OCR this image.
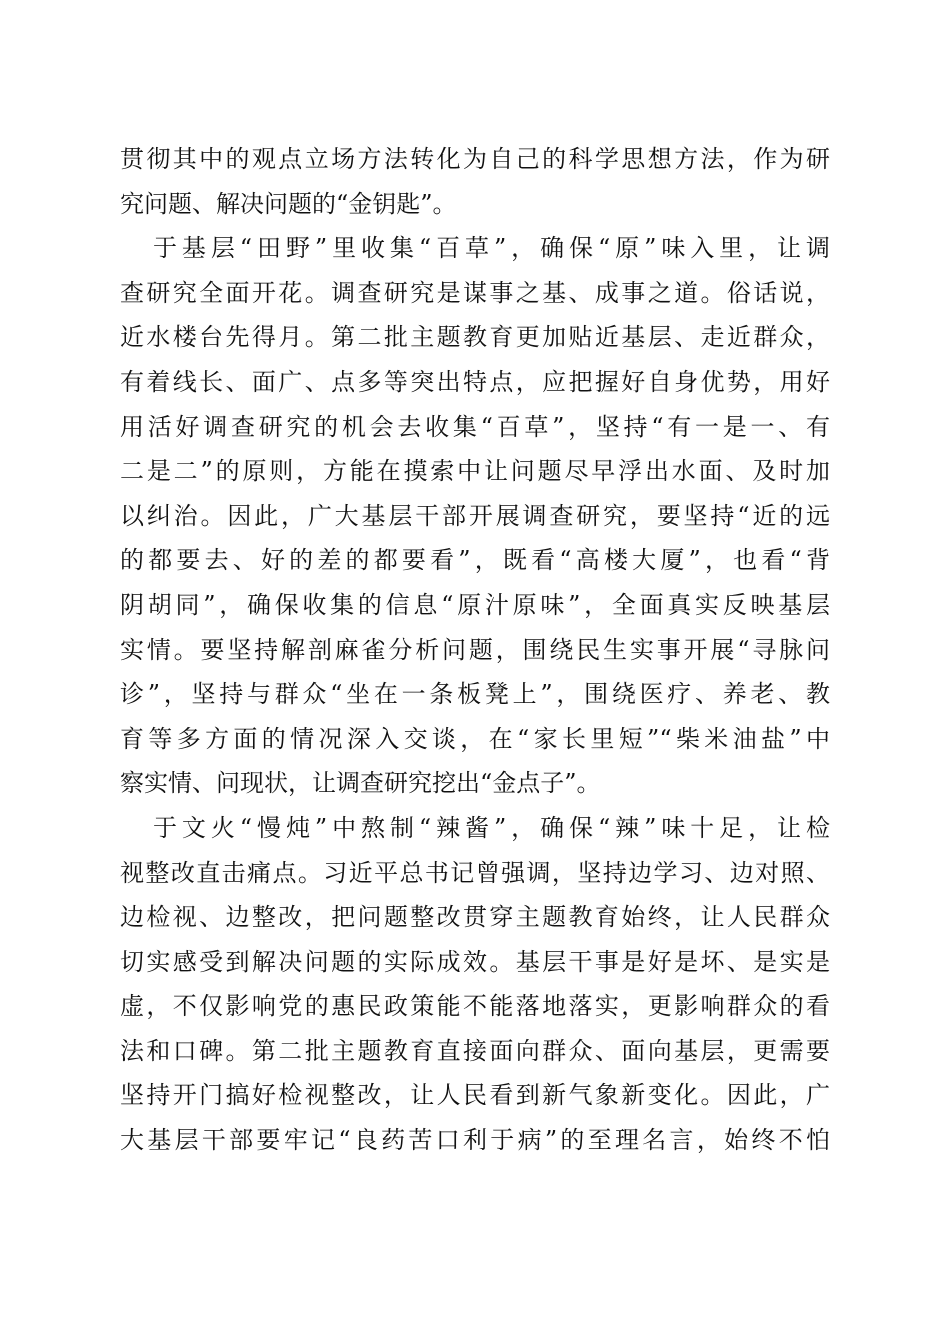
贯彻其中的观点立场方法转化为自己的科学思想方法，作为研
究问题、解决问题的“金钥匙”。
于基层“田野”里收集“百草”，确保“原”味入里，让调
查研究全面开花。调查研究是谋事之基、成事之道。俗话说，
近水楼台先得月。第二批主题教育更加贴近基层、走近群众，
有着线长、面广、点多等突出特点，应把握好自身优势，用好
用活好调查研究的机会去收集“百草”，坚持“有一是一、有
二是二”的原则，方能在摸索中让问题尽早浮出水面、及时加
以纠治。因此，广大基层干部开展调查研究，要坚持“近的远
的都要去、好的差的都要看”，既看“高楼大厦”，也看“背
阴胡同”，确保收集的信息“原汁原味”，全面真实反映基层
实情。要坚持解剖麻雀分析问题，围绕民生实事开展“寻脉问
诊”，坚持与群众“坐在一条板凳上”，围绕医疗、养老、教
育等多方面的情况深入交谈，在“家长里短”“柴米油盐”中
察实情、问现状，让调查研究挖出“金点子”。
于文火“慢炖”中熬制“辣酱”，确保“辣”味十足，让检
视整改直击痛点。习近平总书记曾强调，坚持边学习、边对照、
边检视、边整改，把问题整改贯穿主题教育始终，让人民群众
切实感受到解决问题的实际成效。基层干事是好是坏、是实是
虚，不仅影响党的惠民政策能不能落地落实，更影响群众的看
法和口碑。第二批主题教育直接面向群众、面向基层，更需要
坚持开门搞好检视整改，让人民看到新气象新变化。因此，广
大基层干部要牢记“良药苦口利于病”的至理名言，始终不怕
